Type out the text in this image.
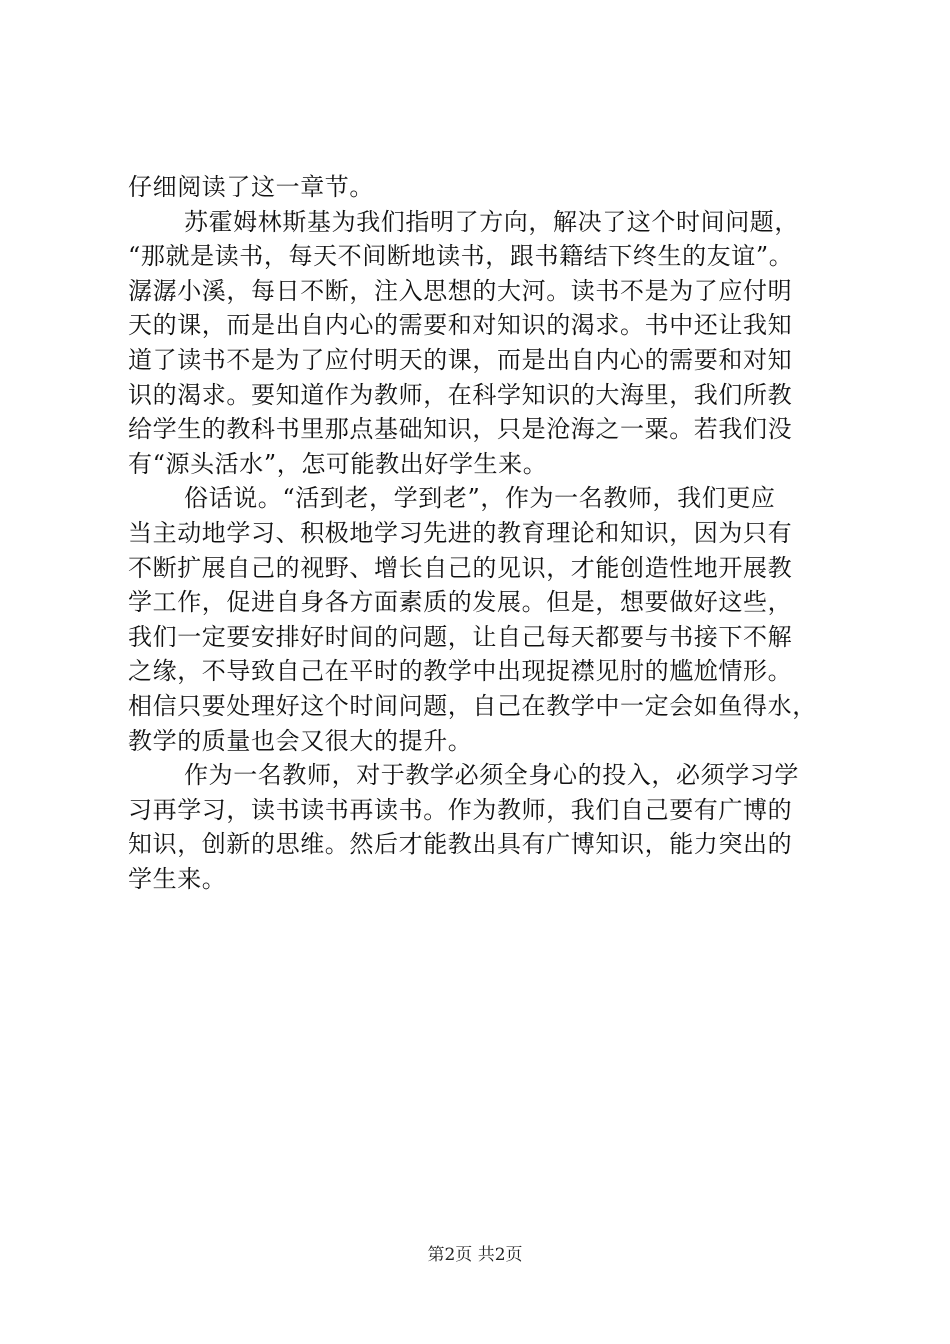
仔细阅读了这一章节。
苏霍姆林斯基为我们指明了方向，解决了这个时间问题，
“那就是读书，每天不间断地读书，跟书籍结下终生的友谊”。
潺潺小溪，每日不断，注入思想的大河。读书不是为了应付明
天的课，而是出自内心的需要和对知识的渴求。书中还让我知
道了读书不是为了应付明天的课，而是出自内心的需要和对知
识的渴求。要知道作为教师，在科学知识的大海里，我们所教
给学生的教科书里那点基础知识，只是沧海之一粟。若我们没
有“源头活水”，怎可能教出好学生来。
俗话说。“活到老，学到老”，作为一名教师，我们更应
当主动地学习、积极地学习先进的教育理论和知识，因为只有
不断扩展自己的视野、增长自己的见识，才能创造性地开展教
学工作，促进自身各方面素质的发展。但是，想要做好这些，
我们一定要安排好时间的问题，让自己每天都要与书接下不解
之缘，不导致自己在平时的教学中出现捉襟见肘的尴尬情形。
相信只要处理好这个时间问题，自己在教学中一定会如鱼得水，
教学的质量也会又很大的提升。
作为一名教师，对于教学必须全身心的投入，必须学习学
习再学习，读书读书再读书。作为教师，我们自己要有广博的
知识，创新的思维。然后才能教出具有广博知识，能力突出的
学生来。
第2页 共2页
